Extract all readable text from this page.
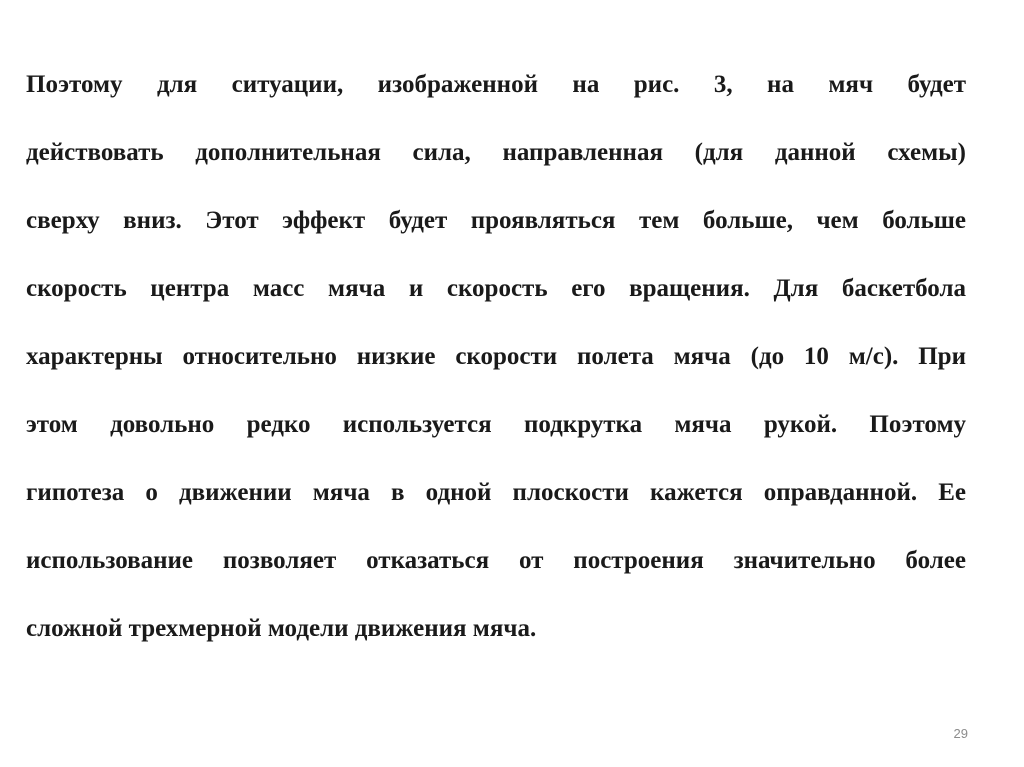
Поэтому для ситуации, изображенной на рис. 3, на мяч будет
действовать дополнительная сила, направленная (для данной схемы)
сверху вниз. Этот эффект будет проявляться тем больше, чем больше
скорость центра масс мяча и скорость его вращения. Для баскетбола
характерны относительно низкие скорости полета мяча (до 10 м/с). При
этом довольно редко используется подкрутка мяча рукой. Поэтому
гипотеза о движении мяча в одной плоскости кажется оправданной. Ее
использование позволяет отказаться от построения значительно более
сложной трехмерной модели движения мяча.
29
